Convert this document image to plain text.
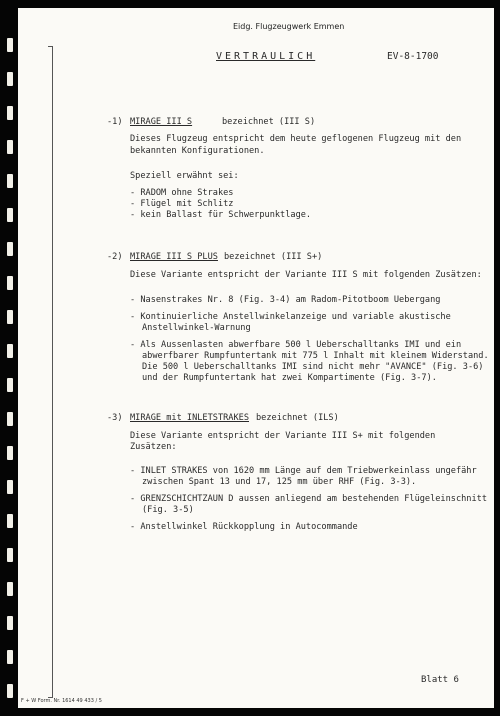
Eidg. Flugzeugwerk Emmen
VERTRAULICH	EV-8-1700
-1) MIRAGE III S	bezeichnet (III S)
Dieses Flugzeug entspricht dem heute geflogenen Flugzeug mit den
bekannten Konfigurationen.
Speziell erwähnt sei:
- RADOM ohne Strakes
- Flügel mit Schlitz
- kein Ballast für Schwerpunktlage.
-2) MIRAGE III S PLUS bezeichnet (III S+)
Diese Variante entspricht der Variante III S mit folgenden Zusätzen:
- Nasenstrakes Nr. 8 (Fig. 3-4) am Radom-Pitotboom Uebergang
- Kontinuierliche Anstellwinkelanzeige und variable akustische
Anstellwinkel-Warnung
- Als Aussenlasten abwerfbare 500 l Ueberschalltanks IMI und ein
abwerfbarer Rumpfuntertank mit 775 l Inhalt mit kleinem Widerstand.
Die 500 l Ueberschalltanks IMI sind nicht mehr "AVANCE" (Fig. 3-6)
und der Rumpfuntertank hat zwei Kompartimente (Fig. 3-7).
-3) MIRAGE mit INLETSTRAKES bezeichnet (ILS)
Diese Variante entspricht der Variante III S+ mit folgenden
Zusätzen:
- INLET STRAKES von 1620 mm Länge auf dem Triebwerkeinlass ungefähr
zwischen Spant 13 und 17, 125 mm über RHF (Fig. 3-3).
- GRENZSCHICHTZAUN D aussen anliegend am bestehenden Flügeleinschnitt
(Fig. 3-5)
- Anstellwinkel Rückkopplung in Autocommande
Blatt 6
F + W Form. Nr. 1614 49 433 / 5
